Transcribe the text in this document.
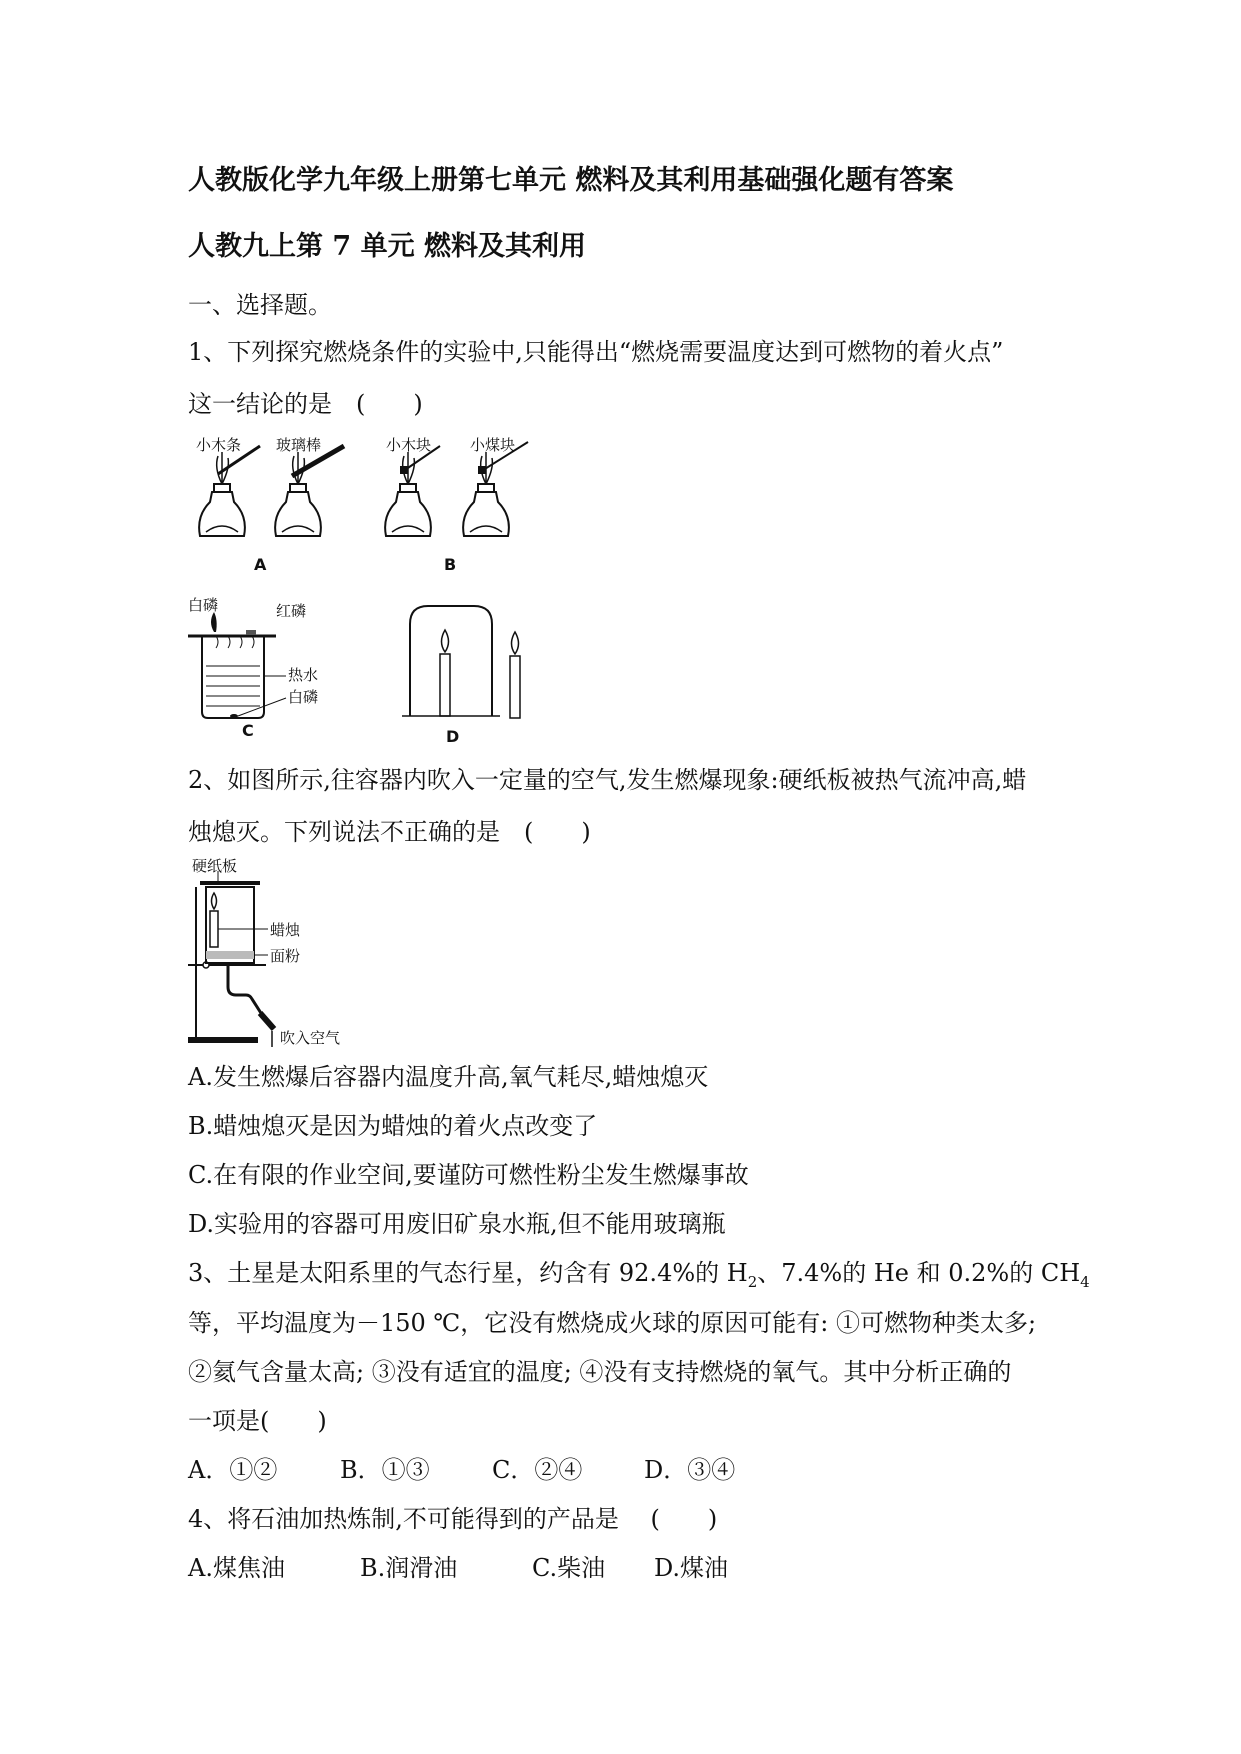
人教版化学九年级上册第七单元 燃料及其利用基础强化题有答案
人教九上第 7 单元 燃料及其利用
一、选择题。
1、下列探究燃烧条件的实验中,只能得出“燃烧需要温度达到可燃物的着火点”
这一结论的是　(　　)
小木条 玻璃棒
A
小木块	小煤块
B
白磷	红磷
热水
白磷
C	D
2、如图所示,往容器内吹入一定量的空气,发生燃爆现象:硬纸板被热气流冲高,蜡
烛熄灭。下列说法不正确的是　(　　)
硬纸板
蜡烛
面粉
吹入空气
A.发生燃爆后容器内温度升高,氧气耗尽,蜡烛熄灭
B.蜡烛熄灭是因为蜡烛的着火点改变了
C.在有限的作业空间,要谨防可燃性粉尘发生燃爆事故
D.实验用的容器可用废旧矿泉水瓶,但不能用玻璃瓶
3、土星是太阳系里的气态行星，约含有 92.4%的 $H_2$、7.4%的 He 和 0.2%的 $CH_4$
等，平均温度为－150 ℃，它没有燃烧成火球的原因可能有: ①可燃物种类太多;
②氦气含量太高; ③没有适宜的温度; ④没有支持燃烧的氧气。其中分析正确的
一项是(　　)
A．①②	B．①③	C．②④	D．③④
4、将石油加热炼制,不可能得到的产品是　 (　　)
A.煤焦油	B.润滑油	C.柴油 D.煤油
